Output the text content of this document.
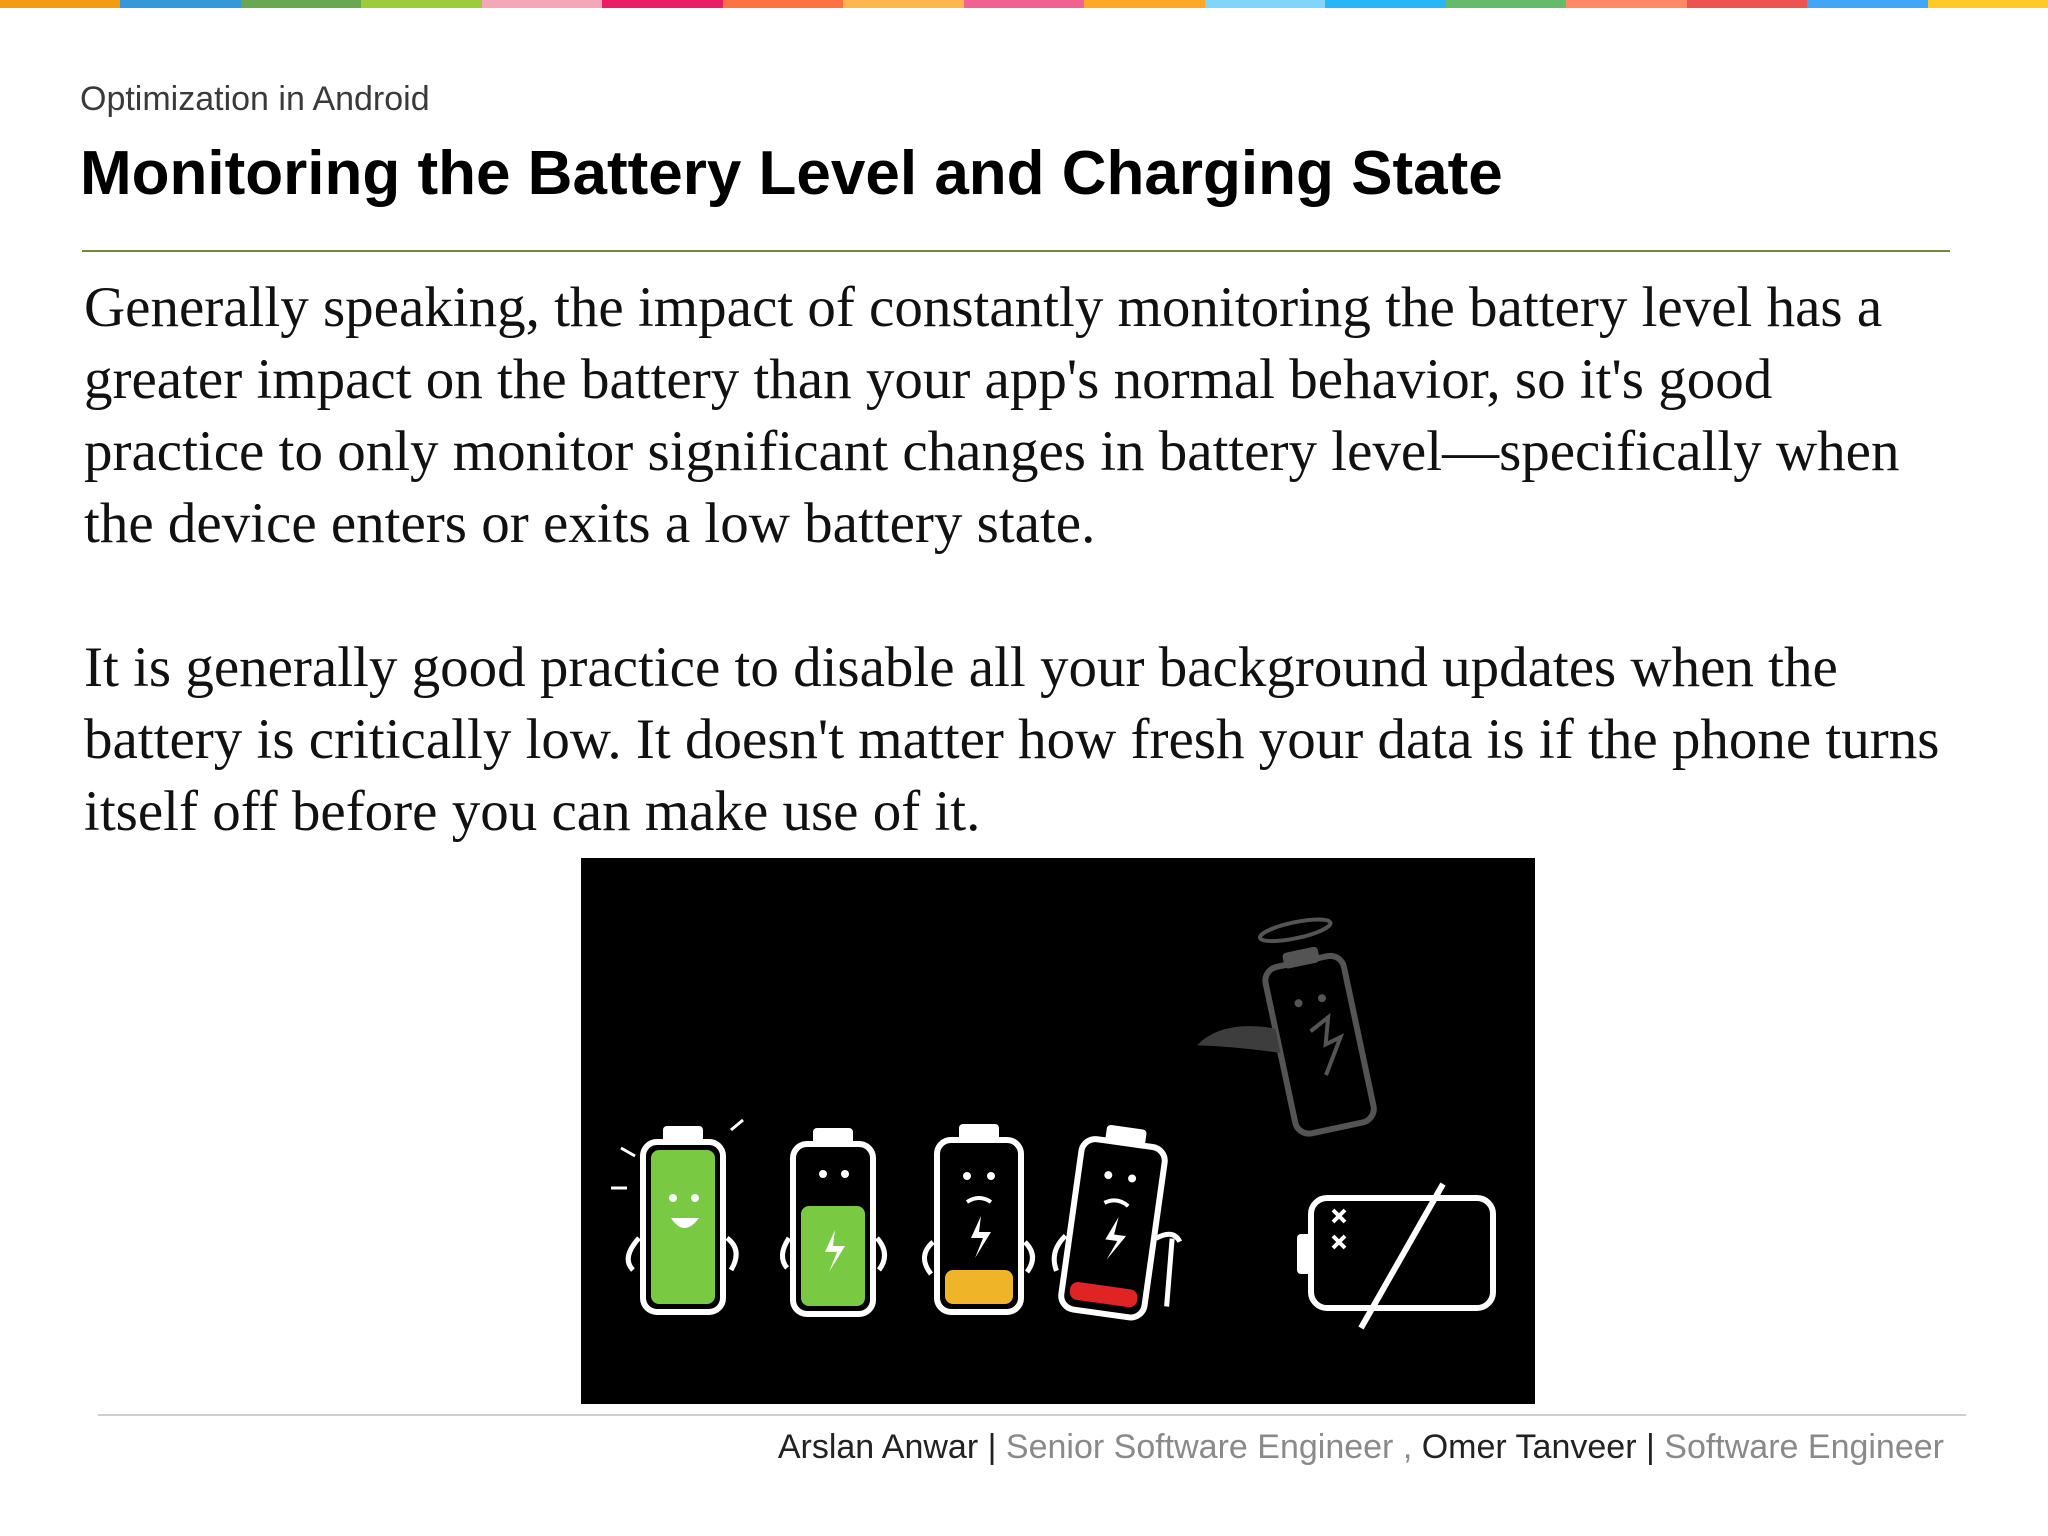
Optimization in Android
Monitoring the Battery Level and Charging State

Generally speaking, the impact of constantly monitoring the battery level has a greater impact on the battery than your app's normal behavior, so it's good practice to only monitor significant changes in battery level—specifically when the device enters or exits a low battery state.

It is generally good practice to disable all your background updates when the battery is critically low. It doesn't matter how fresh your data is if the phone turns itself off before you can make use of it.

Arslan Anwar | Senior Software Engineer , Omer Tanveer | Software Engineer
